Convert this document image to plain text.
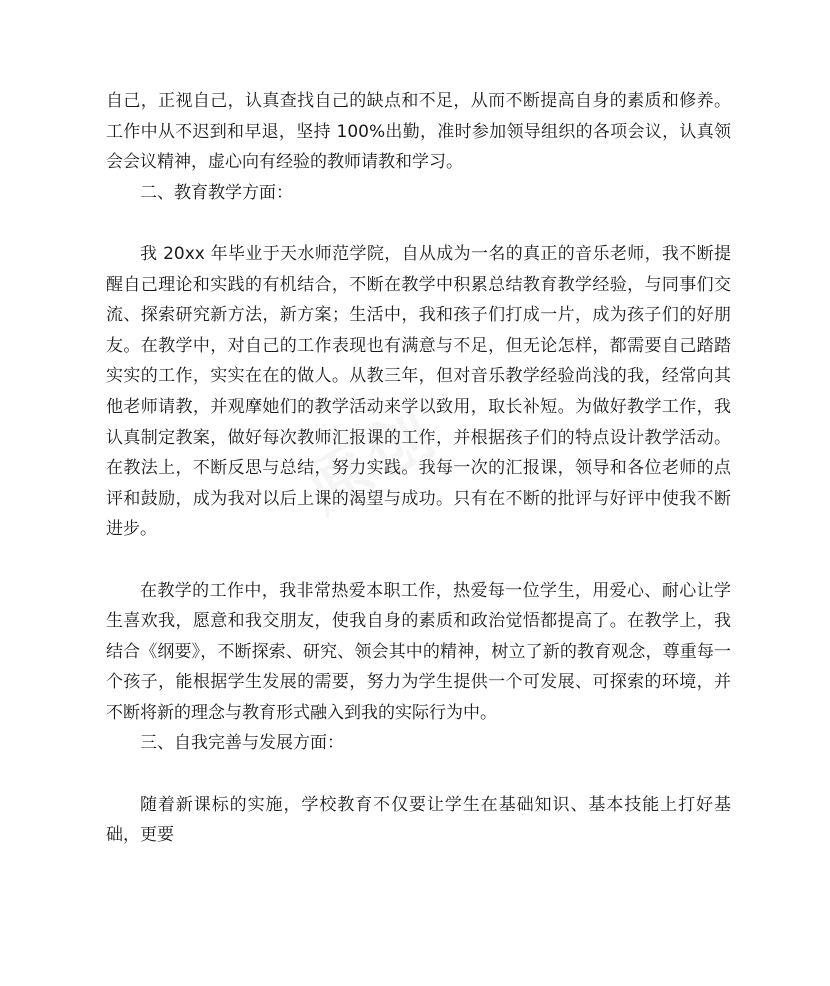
原创

自己，正视自己，认真查找自己的缺点和不足，从而不断提高自身的素质和修养。工作中从不迟到和早退，坚持 100%出勤，准时参加领导组织的各项会议，认真领会会议精神，虚心向有经验的教师请教和学习。

二、教育教学方面：

我 20xx 年毕业于天水师范学院，自从成为一名的真正的音乐老师，我不断提醒自己理论和实践的有机结合，不断在教学中积累总结教育教学经验，与同事们交流、探索研究新方法，新方案；生活中，我和孩子们打成一片，成为孩子们的好朋友。在教学中，对自己的工作表现也有满意与不足，但无论怎样，都需要自己踏踏实实的工作，实实在在的做人。从教三年，但对音乐教学经验尚浅的我，经常向其他老师请教，并观摩她们的教学活动来学以致用，取长补短。为做好教学工作，我认真制定教案，做好每次教师汇报课的工作，并根据孩子们的特点设计教学活动。在教法上，不断反思与总结，努力实践。我每一次的汇报课，领导和各位老师的点评和鼓励，成为我对以后上课的渴望与成功。只有在不断的批评与好评中使我不断进步。

在教学的工作中，我非常热爱本职工作，热爱每一位学生，用爱心、耐心让学生喜欢我，愿意和我交朋友，使我自身的素质和政治觉悟都提高了。在教学上，我结合《纲要》，不断探索、研究、领会其中的精神，树立了新的教育观念，尊重每一个孩子，能根据学生发展的需要，努力为学生提供一个可发展、可探索的环境，并不断将新的理念与教育形式融入到我的实际行为中。

三、自我完善与发展方面：

随着新课标的实施，学校教育不仅要让学生在基础知识、基本技能上打好基础，更要
